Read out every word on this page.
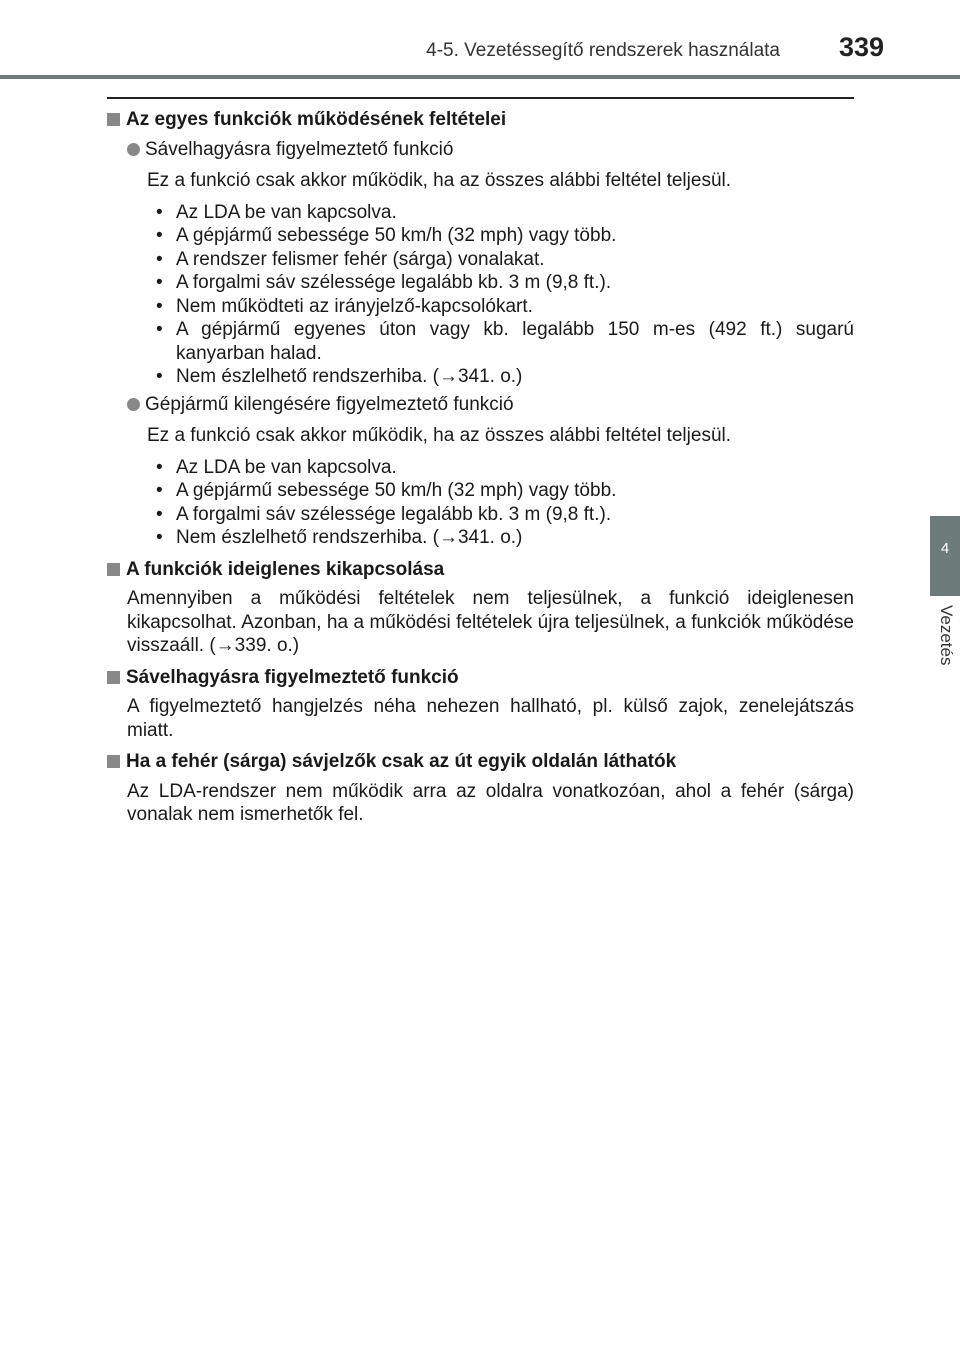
4-5. Vezetéssegítő rendszerek használata 339
4
Vezetés
Az egyes funkciók működésének feltételei
Sávelhagyásra figyelmeztető funkció

Ez a funkció csak akkor működik, ha az összes alábbi feltétel teljesül.

• Az LDA be van kapcsolva.
• A gépjármű sebessége 50 km/h (32 mph) vagy több.
• A rendszer felismer fehér (sárga) vonalakat.
• A forgalmi sáv szélessége legalább kb. 3 m (9,8 ft.).
• Nem működteti az irányjelző-kapcsolókart.
• A gépjármű egyenes úton vagy kb. legalább 150 m-es (492 ft.) sugarú kanyarban halad.
• Nem észlelhető rendszerhiba. (→341. o.)
Gépjármű kilengésére figyelmeztető funkció

Ez a funkció csak akkor működik, ha az összes alábbi feltétel teljesül.

• Az LDA be van kapcsolva.
• A gépjármű sebessége 50 km/h (32 mph) vagy több.
• A forgalmi sáv szélessége legalább kb. 3 m (9,8 ft.).
• Nem észlelhető rendszerhiba. (→341. o.)
A funkciók ideiglenes kikapcsolása

Amennyiben a működési feltételek nem teljesülnek, a funkció ideiglenesen kikapcsolhat. Azonban, ha a működési feltételek újra teljesülnek, a funkciók működése visszaáll. (→339. o.)

Sávelhagyásra figyelmeztető funkció

A figyelmeztető hangjelzés néha nehezen hallható, pl. külső zajok, zenelejátszás miatt.

Ha a fehér (sárga) sávjelzők csak az út egyik oldalán láthatók

Az LDA-rendszer nem működik arra az oldalra vonatkozóan, ahol a fehér (sárga) vonalak nem ismerhetők fel.
